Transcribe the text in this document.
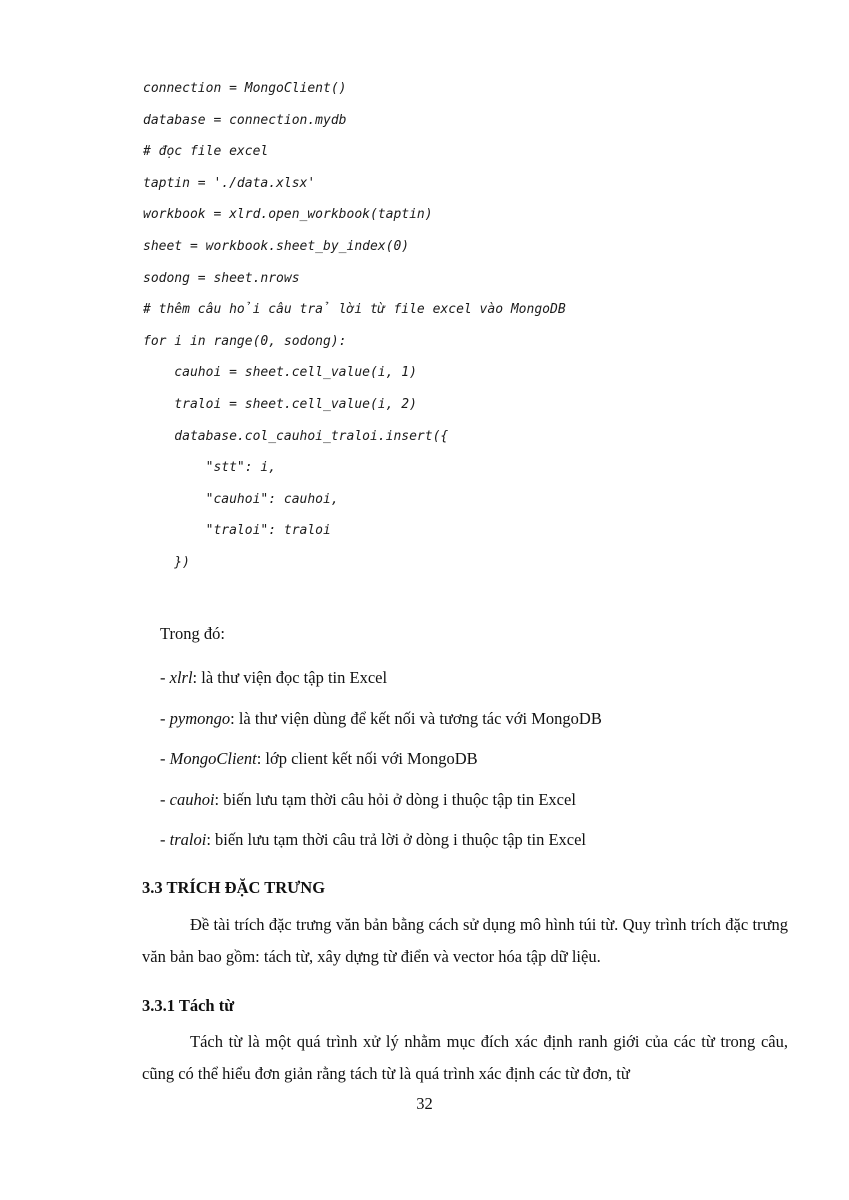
connection = MongoClient()
database = connection.mydb
# đọc file excel
taptin = './data.xlsx'
workbook = xlrd.open_workbook(taptin)
sheet = workbook.sheet_by_index(0)
sodong = sheet.nrows
# thêm câu hỏi câu trả lời từ file excel vào MongoDB
for i in range(0, sodong):
cauhoi = sheet.cell_value(i, 1)
traloi = sheet.cell_value(i, 2)
database.col_cauhoi_traloi.insert({
"stt": i,
"cauhoi": cauhoi,
"traloi": traloi
})
Trong đó:
- xlrl: là thư viện đọc tập tin Excel
- pymongo: là thư viện dùng để kết nối và tương tác với MongoDB
- MongoClient: lớp client kết nối với MongoDB
- cauhoi: biến lưu tạm thời câu hỏi ở dòng i thuộc tập tin Excel
- traloi: biến lưu tạm thời câu trả lời ở dòng i thuộc tập tin Excel
3.3 TRÍCH ĐẶC TRƯNG
Đề tài trích đặc trưng văn bản bằng cách sử dụng mô hình túi từ. Quy trình trích đặc trưng văn bản bao gồm: tách từ, xây dựng từ điển và vector hóa tập dữ liệu.
3.3.1 Tách từ
Tách từ là một quá trình xử lý nhằm mục đích xác định ranh giới của các từ trong câu, cũng có thể hiểu đơn giản rằng tách từ là quá trình xác định các từ đơn, từ
32
